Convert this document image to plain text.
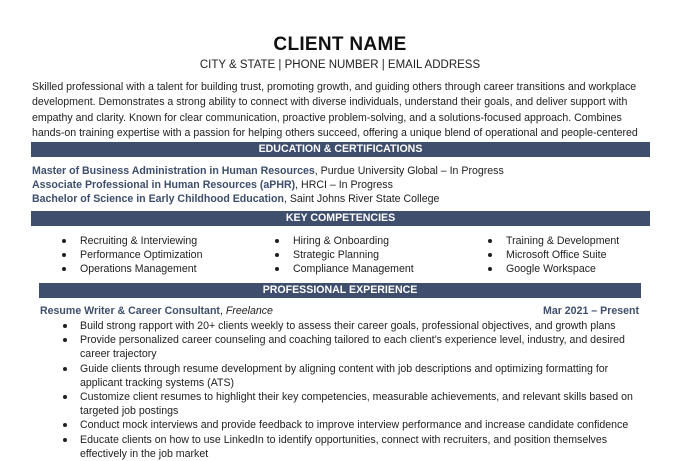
CLIENT NAME
CITY & STATE | PHONE NUMBER | EMAIL ADDRESS
Skilled professional with a talent for building trust, promoting growth, and guiding others through career transitions and workplace development. Demonstrates a strong ability to connect with diverse individuals, understand their goals, and deliver support with empathy and clarity. Known for clear communication, proactive problem-solving, and a solutions-focused approach. Combines hands-on training expertise with a passion for helping others succeed, offering a unique blend of operational and people-centered
EDUCATION & CERTIFICATIONS
Master of Business Administration in Human Resources, Purdue University Global – In Progress
Associate Professional in Human Resources (aPHR), HRCI – In Progress
Bachelor of Science in Early Childhood Education, Saint Johns River State College
KEY COMPETENCIES
Recruiting & Interviewing
Performance Optimization
Operations Management
Hiring & Onboarding
Strategic Planning
Compliance Management
Training & Development
Microsoft Office Suite
Google Workspace
PROFESSIONAL EXPERIENCE
Resume Writer & Career Consultant, Freelance	Mar 2021 – Present
Build strong rapport with 20+ clients weekly to assess their career goals, professional objectives, and growth plans
Provide personalized career counseling and coaching tailored to each client’s experience level, industry, and desired career trajectory
Guide clients through resume development by aligning content with job descriptions and optimizing formatting for applicant tracking systems (ATS)
Customize client resumes to highlight their key competencies, measurable achievements, and relevant skills based on targeted job postings
Conduct mock interviews and provide feedback to improve interview performance and increase candidate confidence
Educate clients on how to use LinkedIn to identify opportunities, connect with recruiters, and position themselves effectively in the job market
